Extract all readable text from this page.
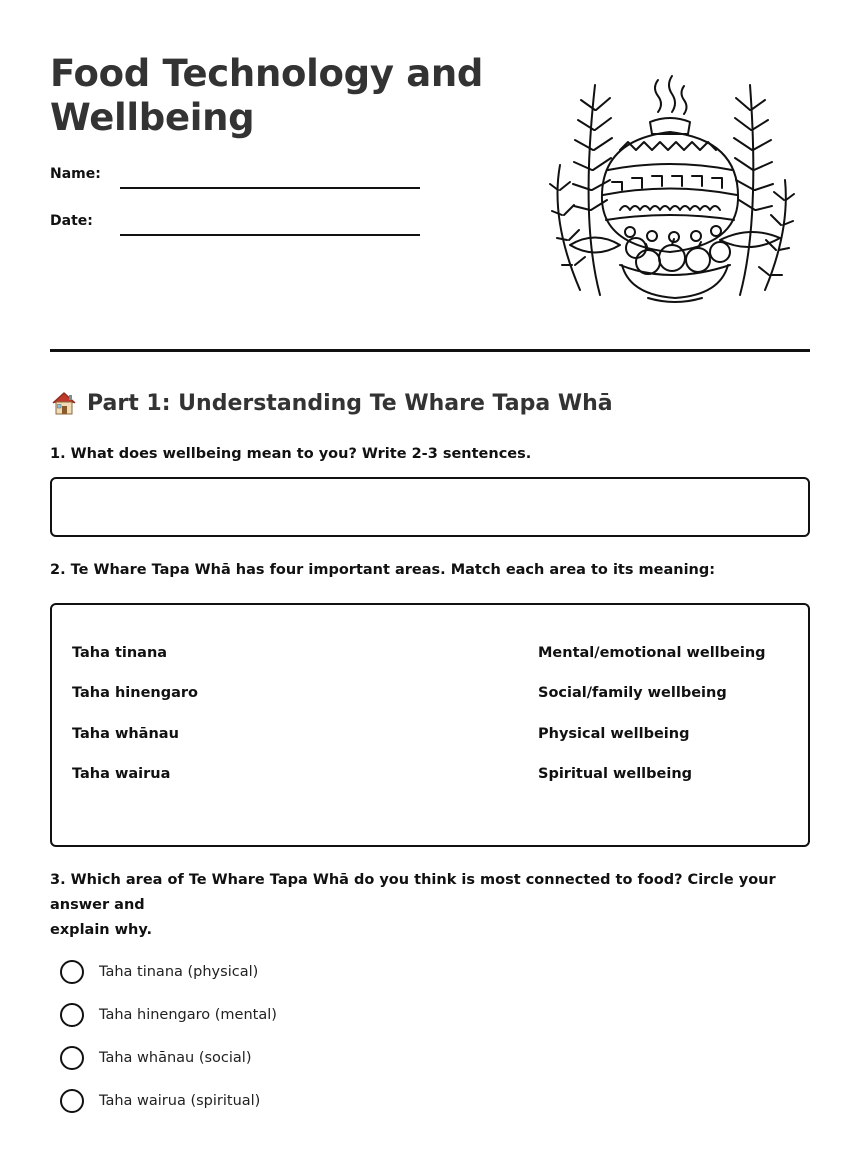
Food Technology and
Wellbeing
Name:
Date:
Part 1: Understanding Te Whare Tapa Whā

1. What does wellbeing mean to you? Write 2-3 sentences.

2. Te Whare Tapa Whā has four important areas. Match each area to its meaning:

Taha tinana
Taha hinengaro
Taha whānau
Taha wairua
Mental/emotional wellbeing
Social/family wellbeing
Physical wellbeing
Spiritual wellbeing

3. Which area of Te Whare Tapa Whā do you think is most connected to food? Circle your answer and
explain why.

Taha tinana (physical)
Taha hinengaro (mental)
Taha whānau (social)
Taha wairua (spiritual)
